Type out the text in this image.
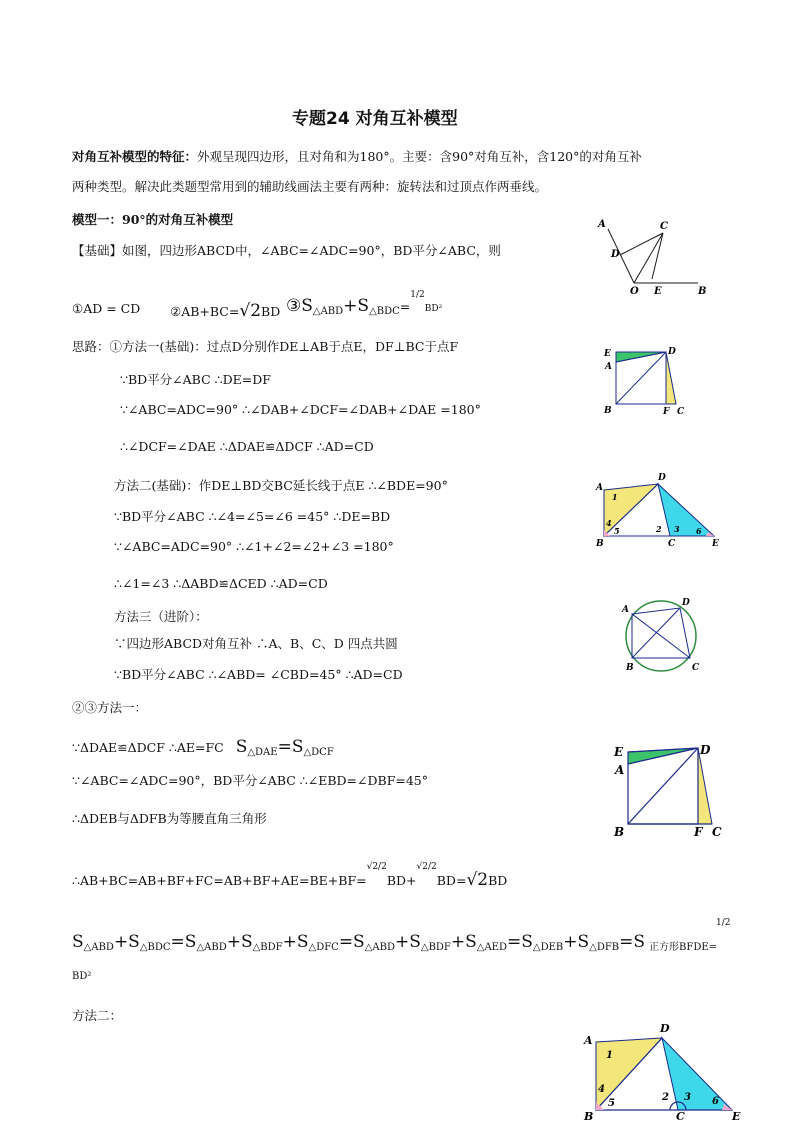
专题24 对角互补模型
对角互补模型的特征：外观呈现四边形，且对角和为180°。主要：含90°对角互补，含120°的对角互补
两种类型。解决此类题型常用到的辅助线画法主要有两种：旋转法和过顶点作两垂线。
模型一：90°的对角互补模型
【基础】如图，四边形ABCD中，∠ABC=∠ADC=90°，BD平分∠ABC，则
①AD = CD ②AB+BC=√2BD $③S_{\triangle ABD}+S_{\triangle BDC}=^{1/2}BD^2$
思路：①方法一(基础)：过点D分别作DE⊥AB于点E，DF⊥BC于点F
∵BD平分∠ABC ∴DE=DF
∵∠ABC=ADC=90° ∴∠DAB+∠DCF=∠DAB+∠DAE =180°
∴∠DCF=∠DAE ∴ΔDAE≌ΔDCF ∴AD=CD
方法二(基础)：作DE⊥BD交BC延长线于点E ∴∠BDE=90°
∵BD平分∠ABC ∴∠4=∠5=∠6 =45° ∴DE=BD
∵∠ABC=ADC=90° ∴∠1+∠2=∠2+∠3 =180°
∴∠1=∠3 ∴ΔABD≌ΔCED ∴AD=CD
方法三（进阶）：
∵四边形ABCD对角互补 ∴A、B、C、D 四点共圆
∵BD平分∠ABC ∴∠ABD= ∠CBD=45° ∴AD=CD
②③方法一：
∵ΔDAE≌ΔDCF ∴AE=FC $S_{\triangle DAE}=S_{\triangle DCF}$
∵∠ABC=∠ADC=90°，BD平分∠ABC ∴∠EBD=∠DBF=45°
∴ΔDEB与ΔDFB为等腰直角三角形
∴AB+BC=AB+BF+FC=AB+BF+AE=BE+BF=$^{√2/2}$BD+$^{√2/2}$BD=√2BD
$S_{\triangle ABD}+S_{\triangle BDC}=S_{\triangle ABD}+S_{\triangle BDF}+S_{\triangle DFC}=S_{\triangle ABD}+S_{\triangle BDF}+S_{\triangle AED}=S_{\triangle DEB}+S_{\triangle DFB}=S$ $_{正方形BFDE=}$
1/2
BD²
方法二：
A	C
D
O E	B
E	D
A
B	F C
D
A
1
4
5	2 3 6
B	C	E
A
D
B	C
E	D
A
B	F C
A
D
1
4
5
2 3 6
B	C	E
